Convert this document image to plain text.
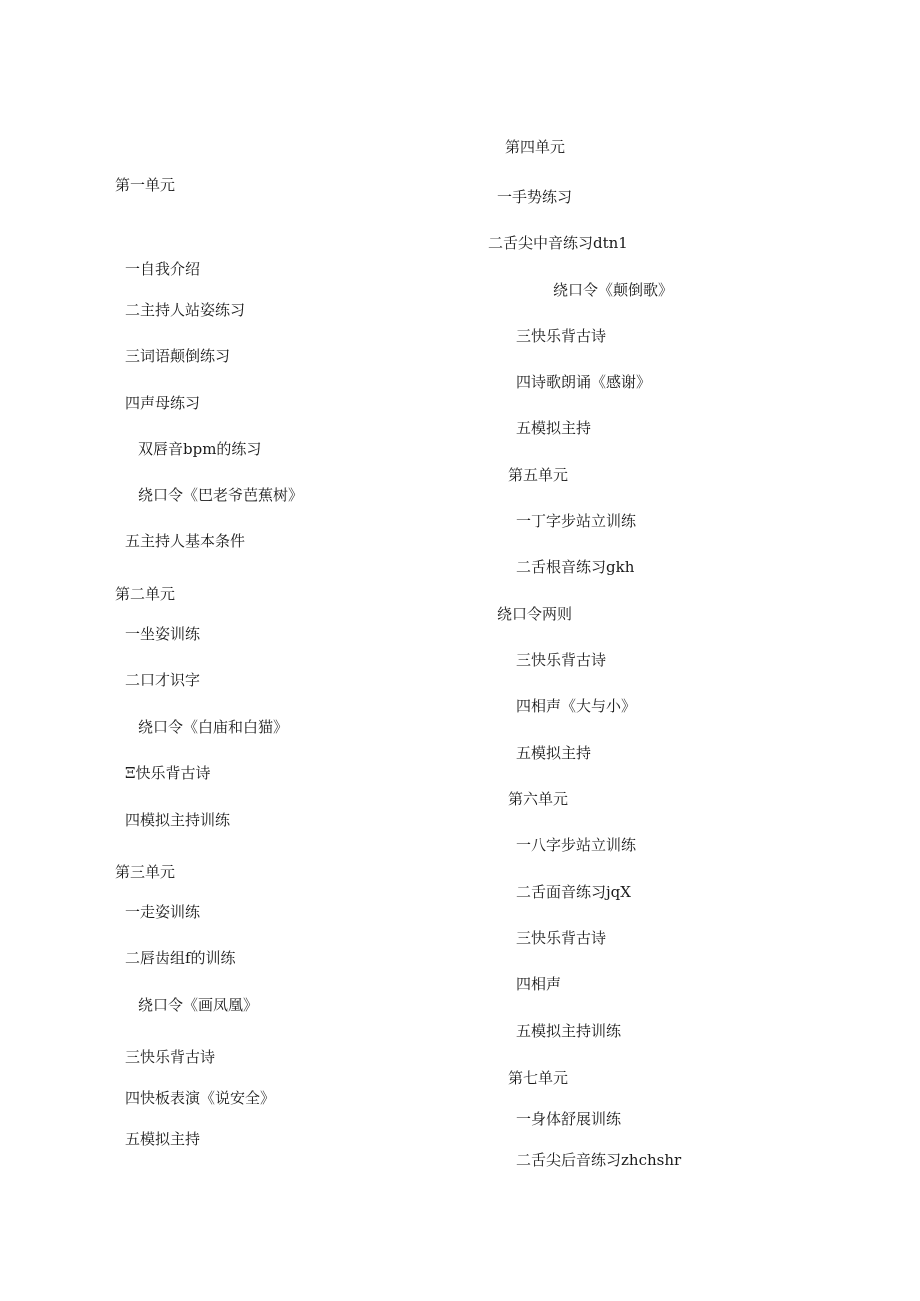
第一单元
一自我介绍
二主持人站姿练习
三词语颠倒练习
四声母练习
双唇音bpm的练习
绕口令《巴老爷芭蕉树》
五主持人基本条件
第二单元
一坐姿训练
二口才识字
绕口令《白庙和白猫》
Ξ快乐背古诗
四模拟主持训练
第三单元
一走姿训练
二唇齿组f的训练
绕口令《画凤凰》
三快乐背古诗
四快板表演《说安全》
五模拟主持
第四单元
一手势练习
二舌尖中音练习dtn1
绕口令《颠倒歌》
三快乐背古诗
四诗歌朗诵《感谢》
五模拟主持
第五单元
一丁字步站立训练
二舌根音练习gkh
绕口令两则
三快乐背古诗
四相声《大与小》
五模拟主持
第六单元
一八字步站立训练
二舌面音练习jqX
三快乐背古诗
四相声
五模拟主持训练
第七单元
一身体舒展训练
二舌尖后音练习zhchshr
